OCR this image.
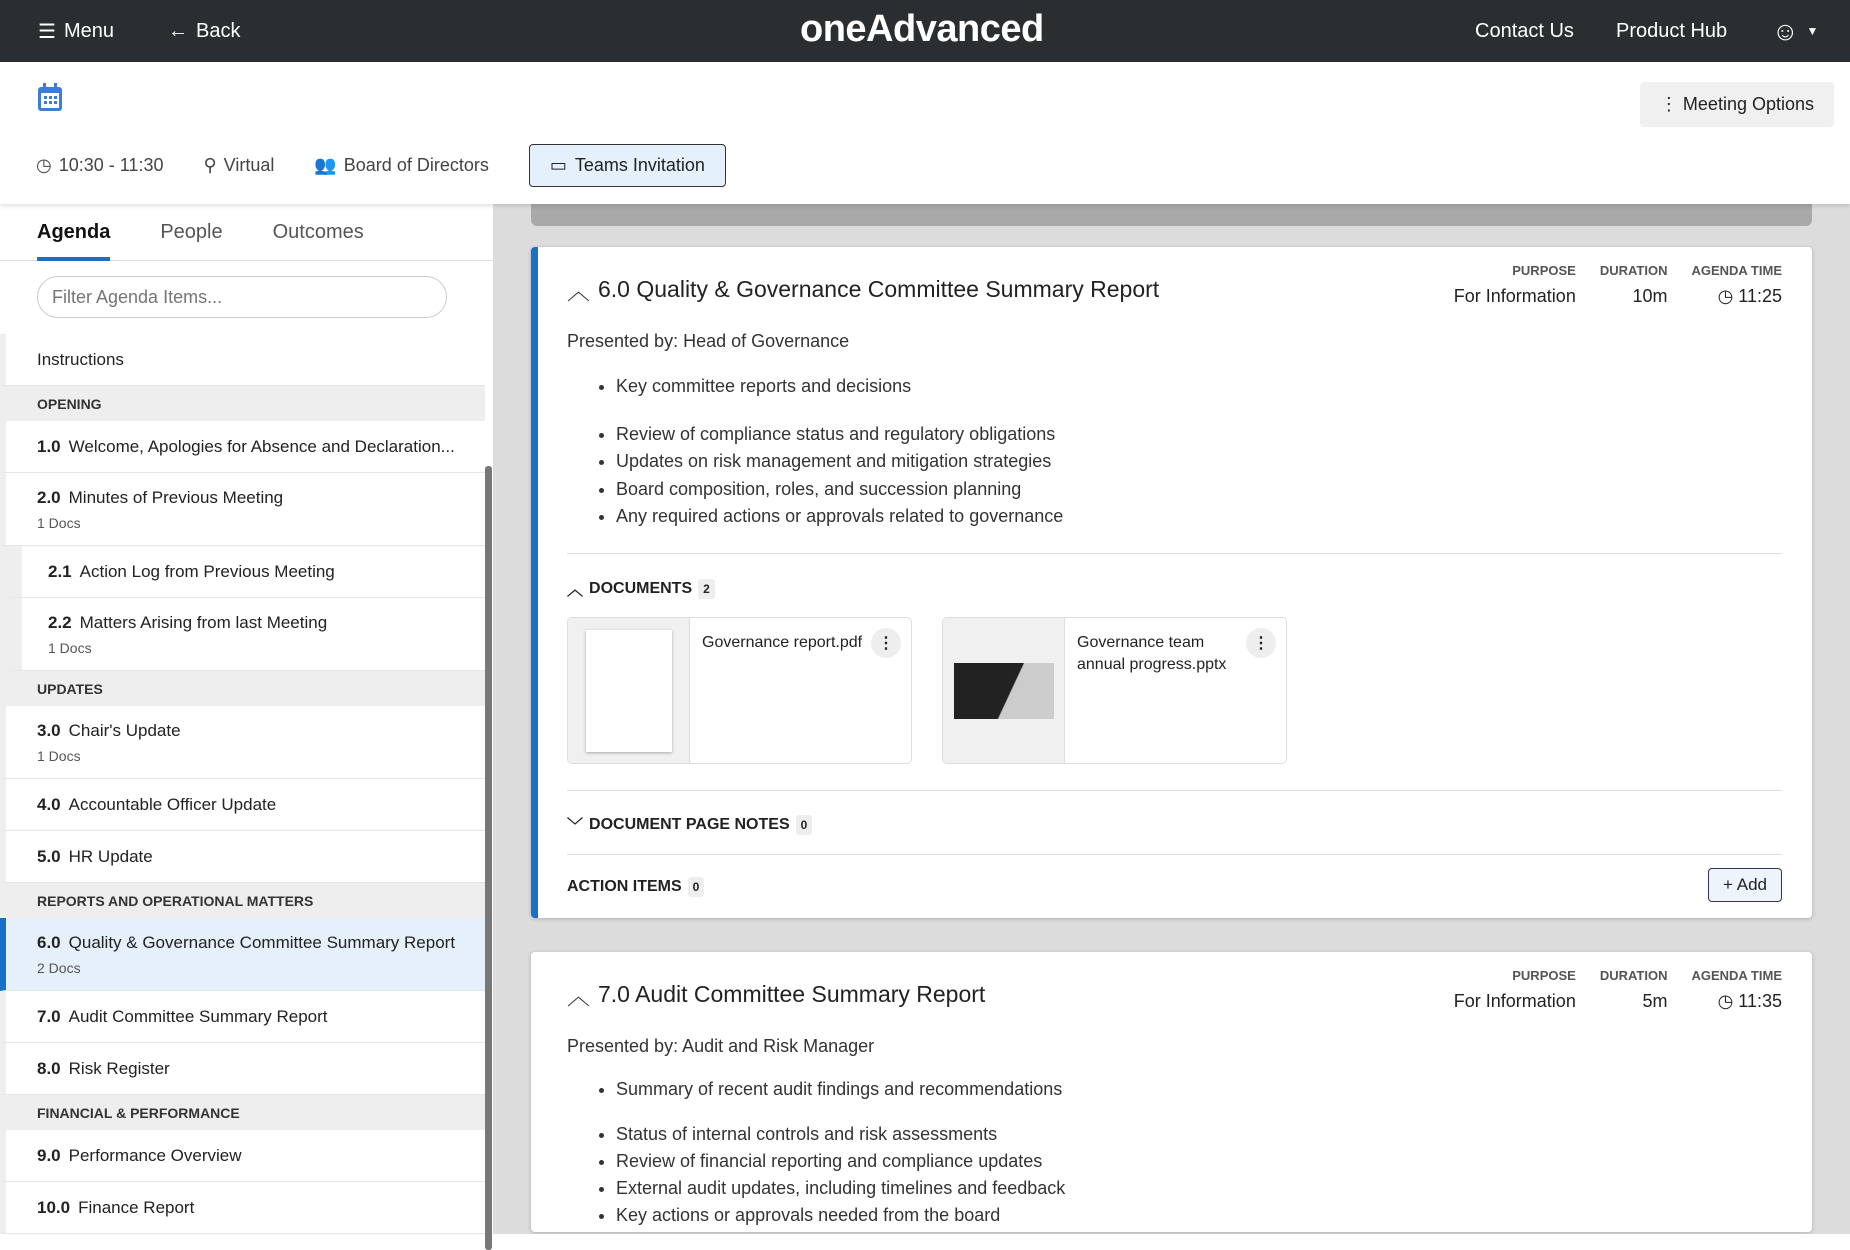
☰ Menu	← Back	oneAdvanced	Contact Us Product Hub ☺ ▼
⋮ Meeting Options
◷ 10:30 - 11:30 ⚲ Virtual 👥 Board of Directors	▭ Teams Invitation
Agenda	People	Outcomes
Filter Agenda Items...
Instructions
OPENING
1.0 Welcome, Apologies for Absence and Declaration...
2.0 Minutes of Previous Meeting
1 Docs
2.1 Action Log from Previous Meeting
2.2 Matters Arising from last Meeting
1 Docs
UPDATES
3.0 Chair's Update
1 Docs
4.0 Accountable Officer Update
5.0 HR Update
REPORTS AND OPERATIONAL MATTERS
6.0 Quality & Governance Committee Summary Report
2 Docs
7.0 Audit Committee Summary Report
8.0 Risk Register
FINANCIAL & PERFORMANCE
9.0 Performance Overview
10.0 Finance Report
︿ 6.0 Quality & Governance Committee Summary Report
PURPOSE
For Information
DURATION
10m
AGENDA TIME
◷ 11:25
Presented by: Head of Governance
• Key committee reports and decisions
• Review of compliance status and regulatory obligations
• Updates on risk management and mitigation strategies
• Board composition, roles, and succession planning
• Any required actions or approvals related to governance
︿ DOCUMENTS 2
Governance report.pdf ⋮	Governance team annual progress.pptx
⋮
﹀ DOCUMENT PAGE NOTES 0
ACTION ITEMS 0	+ Add
︿ 7.0 Audit Committee Summary Report
PURPOSE
For Information
DURATION
5m
AGENDA TIME
◷ 11:35
Presented by: Audit and Risk Manager
• Summary of recent audit findings and recommendations
• Status of internal controls and risk assessments
• Review of financial reporting and compliance updates
• External audit updates, including timelines and feedback
• Key actions or approvals needed from the board
